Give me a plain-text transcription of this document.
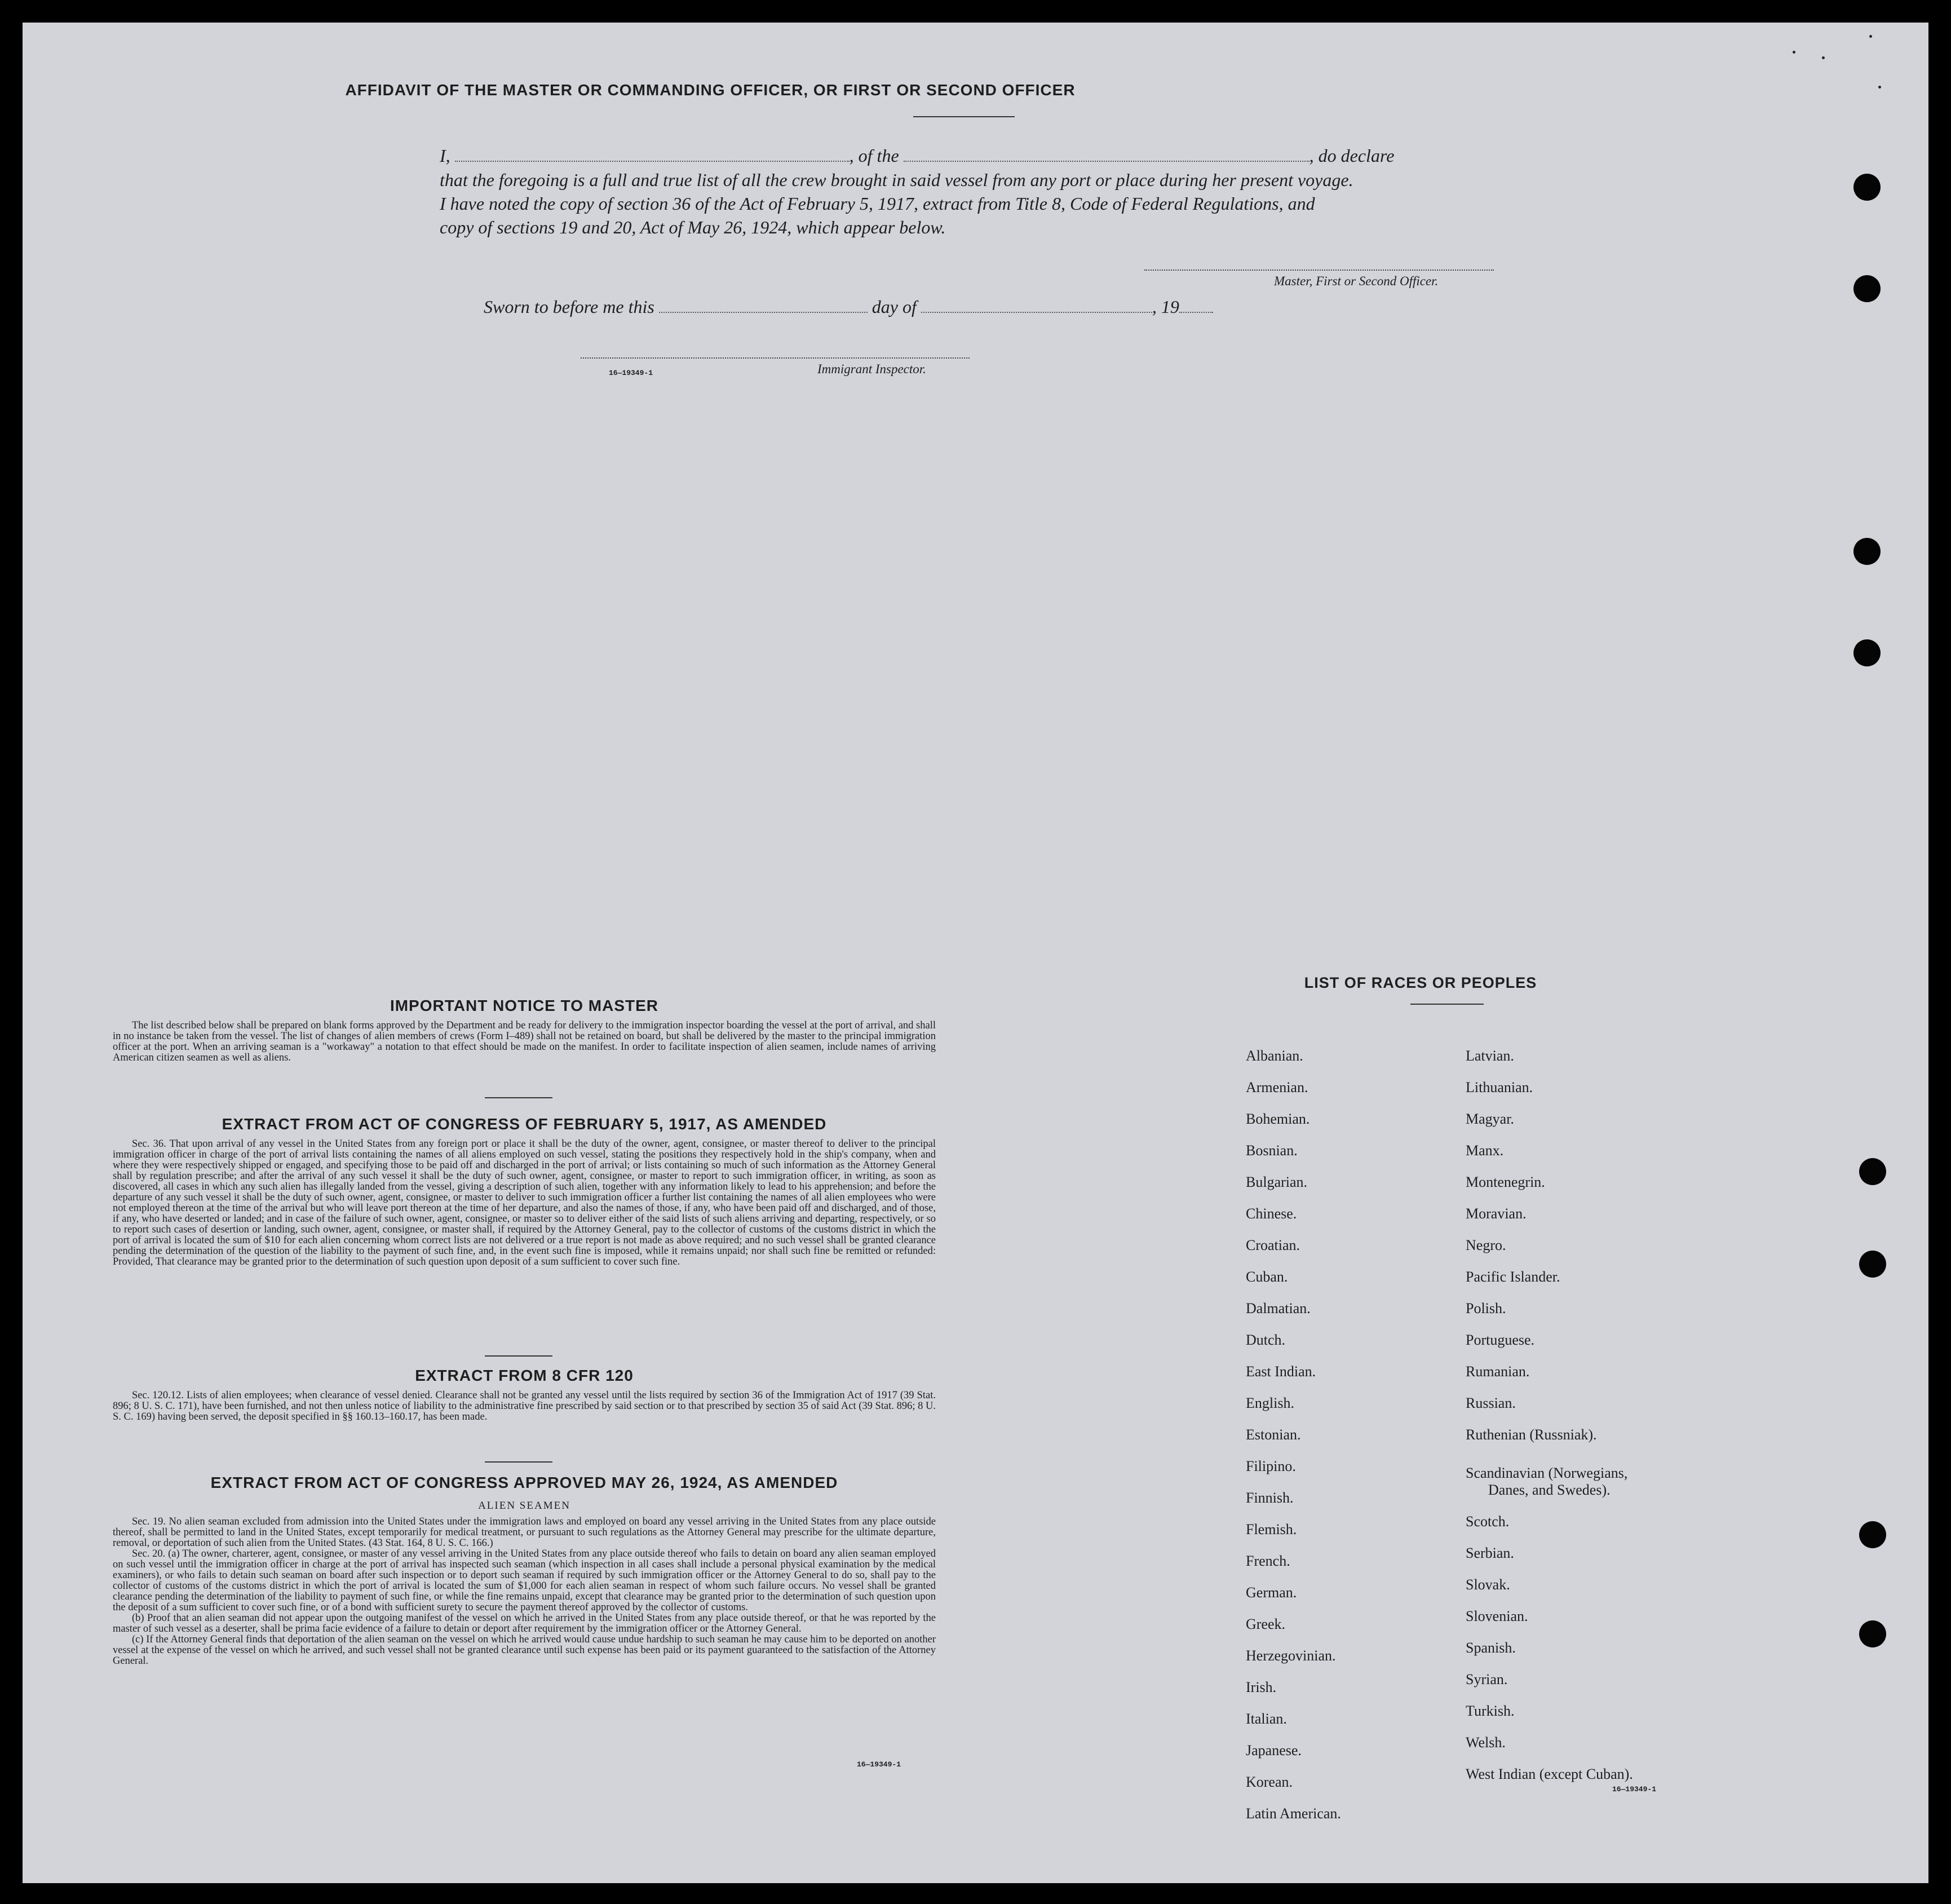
AFFIDAVIT OF THE MASTER OR COMMANDING OFFICER, OR FIRST OR SECOND OFFICER
I,	, of the	, do declare
that the foregoing is a full and true list of all the crew brought in said vessel from any port or place during her present voyage.
I have noted the copy of section 36 of the Act of February 5, 1917, extract from Title 8, Code of Federal Regulations, and
copy of sections 19 and 20, Act of May 26, 1924, which appear below.
Master, First or Second Officer.
Sworn to before me this	day of	, 19
16—19349-1	Immigrant Inspector.
IMPORTANT NOTICE TO MASTER

The list described below shall be prepared on blank forms approved by the Department and be ready for delivery to the immigration inspector boarding the vessel at the port of arrival, and shall in no instance be taken from the vessel. The list of changes of alien members of crews (Form I–489) shall not be retained on board, but shall be delivered by the master to the principal immigration officer at the port. When an arriving seaman is a "workaway" a notation to that effect should be made on the manifest. In order to facilitate inspection of alien seamen, include names of arriving American citizen seamen as well as aliens.

EXTRACT FROM ACT OF CONGRESS OF FEBRUARY 5, 1917, AS AMENDED

Sec. 36. That upon arrival of any vessel in the United States from any foreign port or place it shall be the duty of the owner, agent, consignee, or master thereof to deliver to the principal immigration officer in charge of the port of arrival lists containing the names of all aliens employed on such vessel, stating the positions they respectively hold in the ship's company, when and where they were respectively shipped or engaged, and specifying those to be paid off and discharged in the port of arrival; or lists containing so much of such information as the Attorney General shall by regulation prescribe; and after the arrival of any such vessel it shall be the duty of such owner, agent, consignee, or master to report to such immigration officer, in writing, as soon as discovered, all cases in which any such alien has illegally landed from the vessel, giving a description of such alien, together with any information likely to lead to his apprehension; and before the departure of any such vessel it shall be the duty of such owner, agent, consignee, or master to deliver to such immigration officer a further list containing the names of all alien employees who were not employed thereon at the time of the arrival but who will leave port thereon at the time of her departure, and also the names of those, if any, who have been paid off and discharged, and of those, if any, who have deserted or landed; and in case of the failure of such owner, agent, consignee, or master so to deliver either of the said lists of such aliens arriving and departing, respectively, or so to report such cases of desertion or landing, such owner, agent, consignee, or master shall, if required by the Attorney General, pay to the collector of customs of the customs district in which the port of arrival is located the sum of $10 for each alien concerning whom correct lists are not delivered or a true report is not made as above required; and no such vessel shall be granted clearance pending the determination of the question of the liability to the payment of such fine, and, in the event such fine is imposed, while it remains unpaid; nor shall such fine be remitted or refunded: Provided, That clearance may be granted prior to the determination of such question upon deposit of a sum sufficient to cover such fine.

EXTRACT FROM 8 CFR 120

Sec. 120.12. Lists of alien employees; when clearance of vessel denied. Clearance shall not be granted any vessel until the lists required by section 36 of the Immigration Act of 1917 (39 Stat. 896; 8 U. S. C. 171), have been furnished, and not then unless notice of liability to the administrative fine prescribed by said section or to that prescribed by section 35 of said Act (39 Stat. 896; 8 U. S. C. 169) having been served, the deposit specified in §§ 160.13–160.17, has been made.

EXTRACT FROM ACT OF CONGRESS APPROVED MAY 26, 1924, AS AMENDED
ALIEN SEAMEN

Sec. 19. No alien seaman excluded from admission into the United States under the immigration laws and employed on board any vessel arriving in the United States from any place outside thereof, shall be permitted to land in the United States, except temporarily for medical treatment, or pursuant to such regulations as the Attorney General may prescribe for the ultimate departure, removal, or deportation of such alien from the United States. (43 Stat. 164, 8 U. S. C. 166.)

Sec. 20. (a) The owner, charterer, agent, consignee, or master of any vessel arriving in the United States from any place outside thereof who fails to detain on board any alien seaman employed on such vessel until the immigration officer in charge at the port of arrival has inspected such seaman (which inspection in all cases shall include a personal physical examination by the medical examiners), or who fails to detain such seaman on board after such inspection or to deport such seaman if required by such immigration officer or the Attorney General to do so, shall pay to the collector of customs of the customs district in which the port of arrival is located the sum of $1,000 for each alien seaman in respect of whom such failure occurs. No vessel shall be granted clearance pending the determination of the liability to payment of such fine, or while the fine remains unpaid, except that clearance may be granted prior to the determination of such question upon the deposit of a sum sufficient to cover such fine, or of a bond with sufficient surety to secure the payment thereof approved by the collector of customs.

(b) Proof that an alien seaman did not appear upon the outgoing manifest of the vessel on which he arrived in the United States from any place outside thereof, or that he was reported by the master of such vessel as a deserter, shall be prima facie evidence of a failure to detain or deport after requirement by the immigration officer or the Attorney General.

(c) If the Attorney General finds that deportation of the alien seaman on the vessel on which he arrived would cause undue hardship to such seaman he may cause him to be deported on another vessel at the expense of the vessel on which he arrived, and such vessel shall not be granted clearance until such expense has been paid or its payment guaranteed to the satisfaction of the Attorney General.

16—19349-1
LIST OF RACES OR PEOPLES
16—19349-1
Albanian.
Armenian.
Bohemian.
Bosnian.
Bulgarian.
Chinese.
Croatian.
Cuban.
Dalmatian.
Dutch.
East Indian.
English.
Estonian.
Filipino.
Finnish.
Flemish.
French.
German.
Greek.
Herzegovinian.
Irish.
Italian.
Japanese.
Korean.
Latin American.
Latvian.
Lithuanian.
Magyar.
Manx.
Montenegrin.
Moravian.
Negro.
Pacific Islander.
Polish.
Portuguese.
Rumanian.
Russian.
Ruthenian (Russniak).
Scandinavian (Norwegians,
Danes, and Swedes).
Scotch.
Serbian.
Slovak.
Slovenian.
Spanish.
Syrian.
Turkish.
Welsh.
West Indian (except Cuban).
